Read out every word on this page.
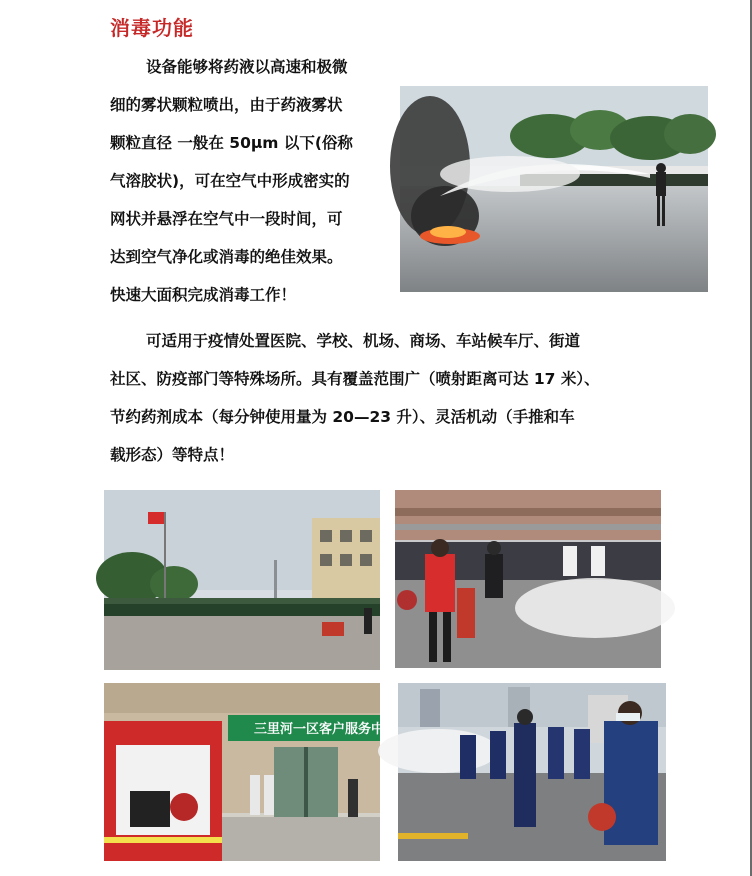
消毒功能
设备能够将药液以高速和极微
细的雾状颗粒喷出，由于药液雾状
颗粒直径 一般在 50μm 以下(俗称
气溶胶状)，可在空气中形成密实的
网状并悬浮在空气中一段时间，可
达到空气净化或消毒的绝佳效果。
快速大面积完成消毒工作！
可适用于疫情处置医院、学校、机场、商场、车站候车厅、街道
社区、防疫部门等特殊场所。具有覆盖范围广（喷射距离可达 17 米）、
节约药剂成本（每分钟使用量为 20—23 升）、灵活机动（手推和车
载形态）等特点！
三里河一区客户服务中心
